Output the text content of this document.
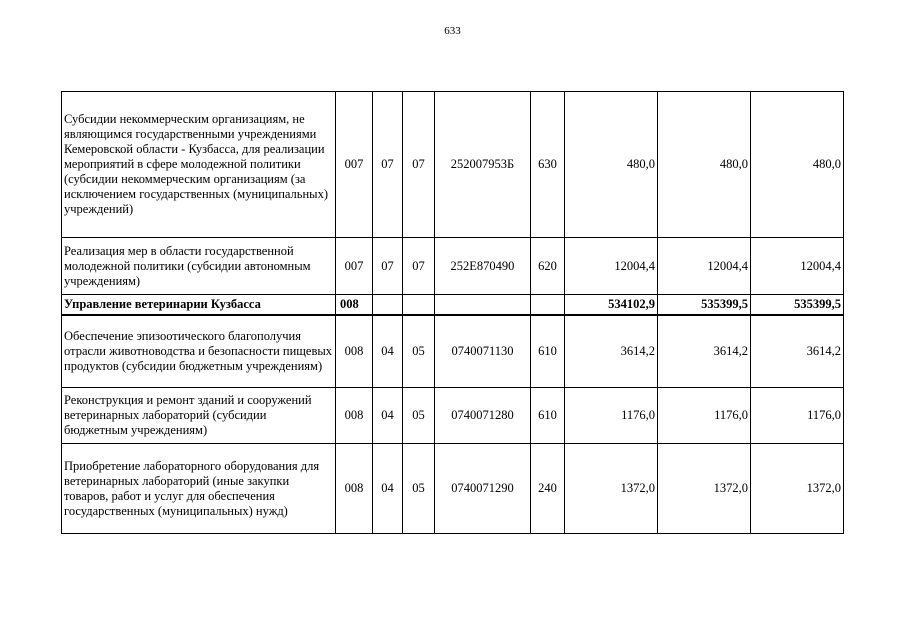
633
Субсидии некоммерческим организациям, не являющимся государственными учреждениями Кемеровской области - Кузбасса, для реализации мероприятий в сфере молодежной политики (субсидии некоммерческим организациям (за исключением государственных (муниципальных) учреждений)	007	07	07	252007953Б	630	480,0	480,0	480,0
Реализация мер в области государственной молодежной политики (субсидии автономным учреждениям)	007	07	07	252E870490	620	12004,4	12004,4	12004,4
Управление ветеринарии Кузбасса	008					534102,9	535399,5	535399,5
Обеспечение эпизоотического благополучия отрасли животноводства и безопасности пищевых продуктов (субсидии бюджетным учреждениям)	008	04	05	0740071130	610	3614,2	3614,2	3614,2
Реконструкция и ремонт зданий и сооружений ветеринарных лабораторий (субсидии бюджетным учреждениям)	008	04	05	0740071280	610	1176,0	1176,0	1176,0
Приобретение лабораторного оборудования для ветеринарных лабораторий (иные закупки товаров, работ и услуг для обеспечения государственных (муниципальных) нужд)	008	04	05	0740071290	240	1372,0	1372,0	1372,0
